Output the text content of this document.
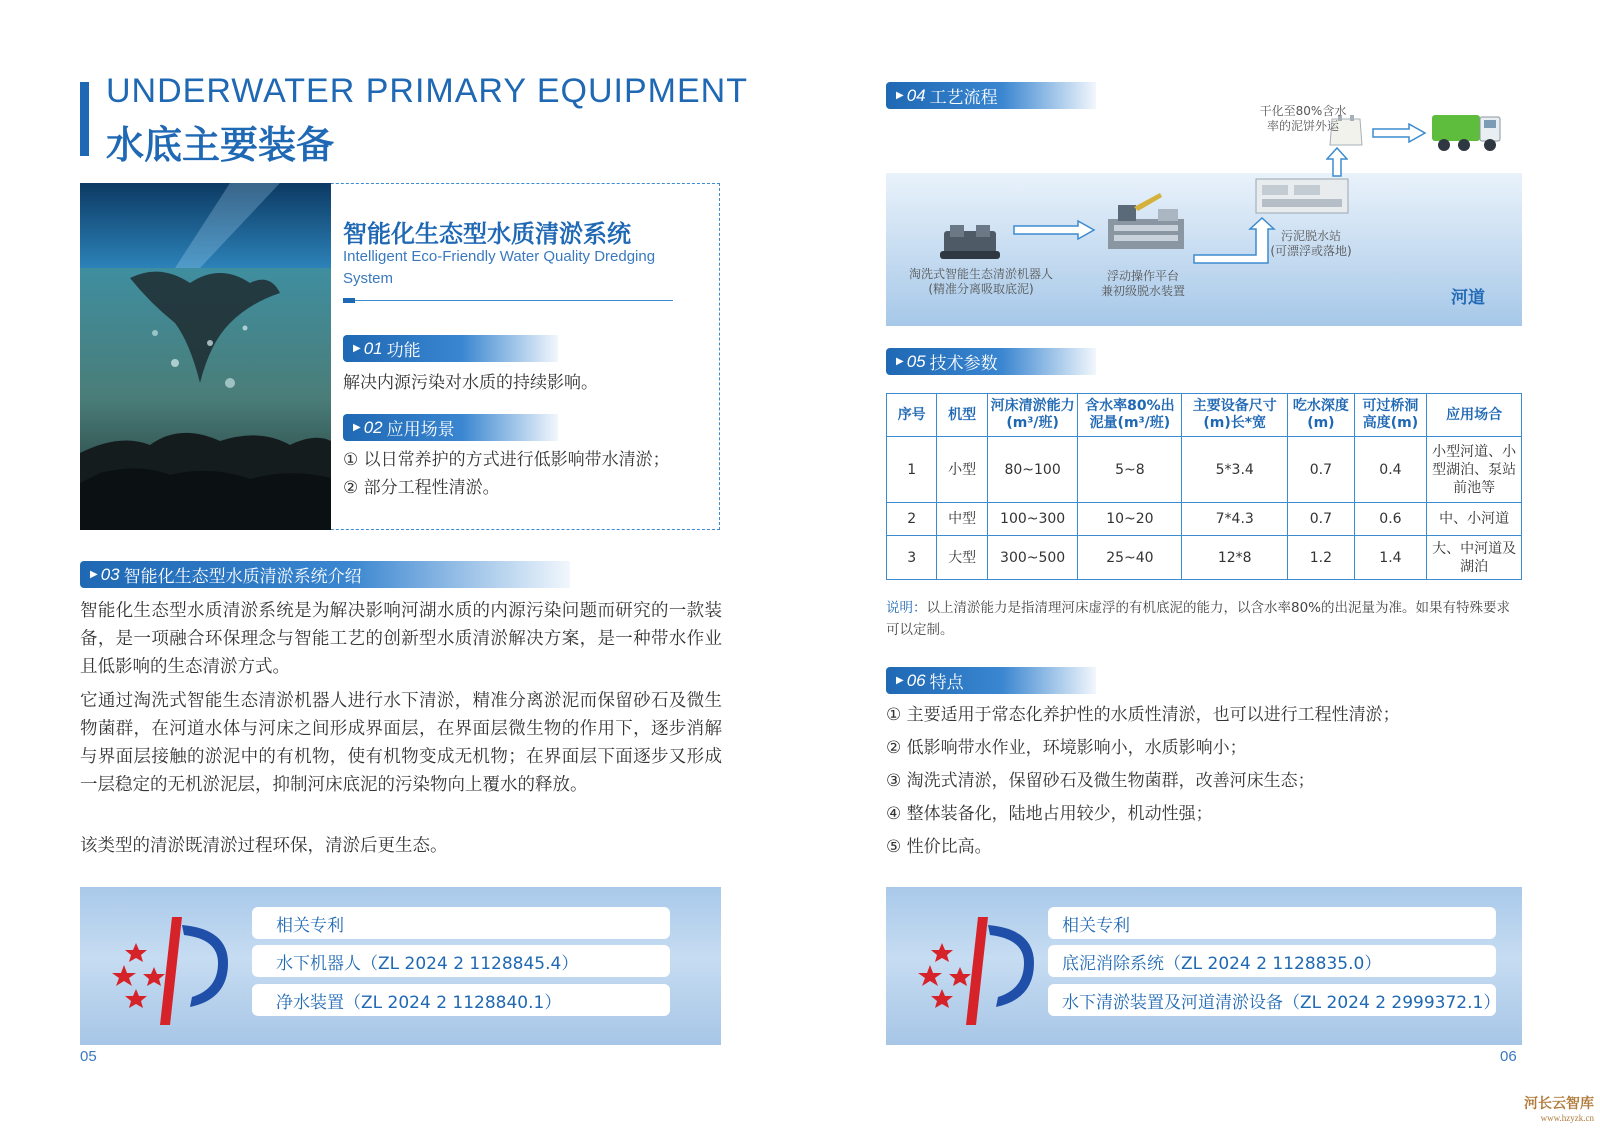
UNDERWATER PRIMARY EQUIPMENT
水底主要装备
智能化生态型水质清淤系统
Intelligent Eco-Friendly Water Quality Dredging System
▶ 01 功能
解决内源污染对水质的持续影响。
▶ 02 应用场景
① 以日常养护的方式进行低影响带水清淤；
② 部分工程性清淤。
▶ 03 智能化生态型水质清淤系统介绍
智能化生态型水质清淤系统是为解决影响河湖水质的内源污染问题而研究的一款装备，是一项融合环保理念与智能工艺的创新型水质清淤解决方案，是一种带水作业且低影响的生态清淤方式。
它通过淘洗式智能生态清淤机器人进行水下清淤，精准分离淤泥而保留砂石及微生物菌群，在河道水体与河床之间形成界面层，在界面层微生物的作用下，逐步消解与界面层接触的淤泥中的有机物，使有机物变成无机物；在界面层下面逐步又形成一层稳定的无机淤泥层，抑制河床底泥的污染物向上覆水的释放。
该类型的清淤既清淤过程环保，清淤后更生态。
相关专利
水下机器人（ZL 2024 2 1128845.4）
净水装置（ZL 2024 2 1128840.1）
05
▶ 04 工艺流程
淘洗式智能生态清淤机器人
(精准分离吸取底泥)
浮动操作平台
兼初级脱水装置
污泥脱水站
(可漂浮或落地)
河道
干化至80%含水
率的泥饼外运
▶ 05 技术参数
序号	机型	河床清淤能力(m³/班)	含水率80%出泥量(m³/班)	主要设备尺寸(m)长*宽	吃水深度(m)	可过桥洞高度(m)	应用场合
1	小型	80~100	5~8	5*3.4	0.7	0.4	小型河道、小型湖泊、泵站前池等
2	中型	100~300	10~20	7*4.3	0.7	0.6	中、小河道
3	大型	300~500	25~40	12*8	1.2	1.4	大、中河道及湖泊
说明：以上清淤能力是指清理河床虚浮的有机底泥的能力，以含水率80%的出泥量为准。如果有特殊要求可以定制。
▶ 06 特点
① 主要适用于常态化养护性的水质性清淤，也可以进行工程性清淤；
② 低影响带水作业，环境影响小，水质影响小；
③ 淘洗式清淤，保留砂石及微生物菌群，改善河床生态；
④ 整体装备化，陆地占用较少，机动性强；
⑤ 性价比高。
相关专利
底泥消除系统（ZL 2024 2 1128835.0）
水下清淤装置及河道清淤设备（ZL 2024 2 2999372.1）
06
河长云智库
www.hzyzk.cn
